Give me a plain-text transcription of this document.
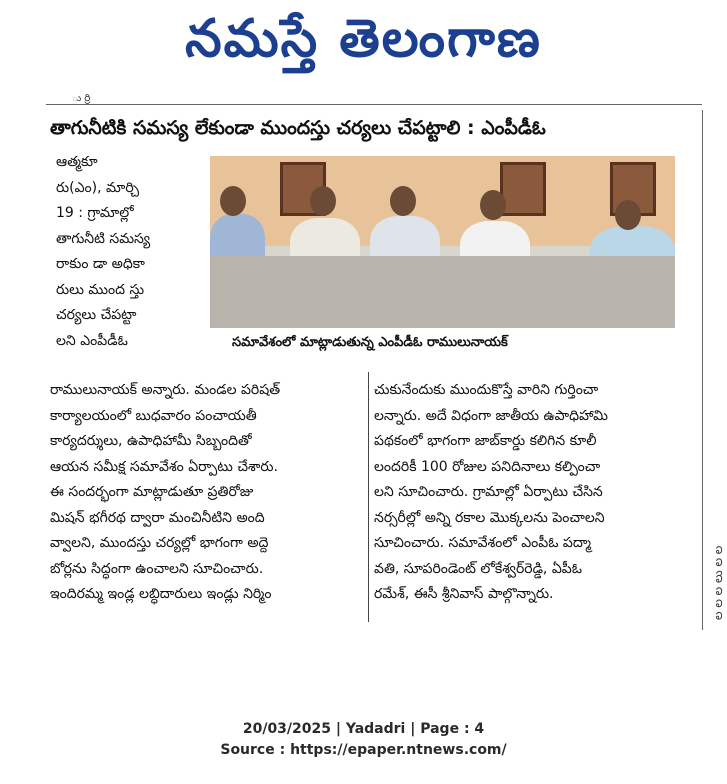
నమస్తే తెలంగాణ
ు ర్రి
తాగునీటికి సమస్య లేకుండా ముందస్తు చర్యలు చేపట్టాలి : ఎంపీడీఓ

ఆత్మకూ

రు(ఎం), మార్చి

19 : గ్రామాల్లో

తాగునీటి సమస్య

రాకుం డా అధికా

రులు ముంద స్తు

చర్యలు చేపట్టా

లని ఎంపీడీఓ	సమావేశంలో మాట్లాడుతున్న ఎంపీడీఓ రాములునాయక్

రాములునాయక్ అన్నారు. మండల పరిషత్

కార్యాలయంలో బుధవారం పంచాయతీ

కార్యదర్శులు, ఉపాధిహామీ సిబ్బందితో

ఆయన సమీక్ష సమావేశం ఏర్పాటు చేశారు.

ఈ సందర్భంగా మాట్లాడుతూ ప్రతిరోజు

మిషన్ భగీరథ ద్వారా మంచినీటిని అంది

వ్వాలని, ముందస్తు చర్యల్లో భాగంగా అద్దె

బోర్లను సిద్ధంగా ఉంచాలని సూచించారు.

ఇందిరమ్మ ఇండ్ల లబ్ధిదారులు ఇండ్లు నిర్మిం

చుకునేందుకు ముందుకొస్తే వారిని గుర్తించా

లన్నారు. అదే విధంగా జాతీయ ఉపాధిహామి

పథకంలో భాగంగా జాబ్‌కార్డు కలిగిన కూలీ

లందరికీ 100 రోజుల పనిదినాలు కల్పించా

లని సూచించారు. గ్రామాల్లో ఏర్పాటు చేసిన

నర్సరీల్లో అన్ని రకాల మొక్కలను పెంచాలని

సూచించారు. సమావేశంలో ఎంపీఓ పద్మా

వతి, సూపరిండెంట్ లోకేశ్వర్‌రెడ్డి, ఏపీఓ

రమేశ్, ఈసీ శ్రీనివాస్ పాల్గొన్నారు.	ల ల ల లు ల ల
20/03/2025 | Yadadri | Page : 4
Source : https://epaper.ntnews.com/
